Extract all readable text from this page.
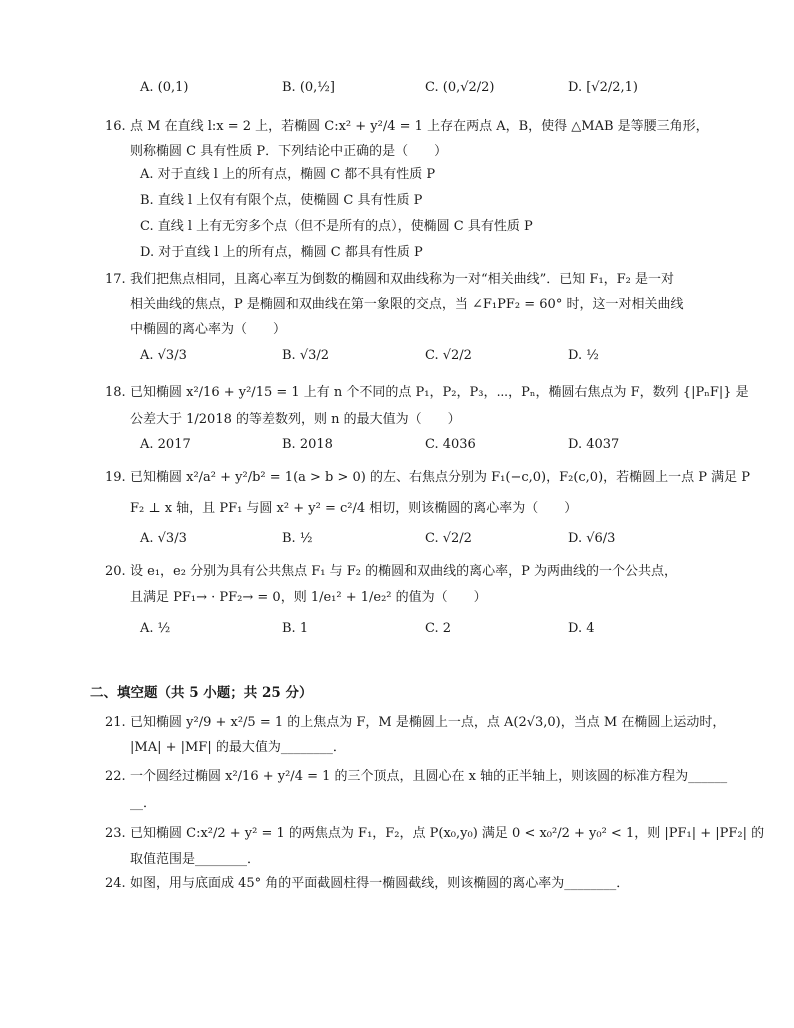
A. (0,1)	B. (0,½]	C. (0,√2/2)	D. [√2/2,1)
16. 点 M 在直线 l:x = 2 上，若椭圆 C:x² + y²/4 = 1 上存在两点 A，B，使得 △MAB 是等腰三角形，
则称椭圆 C 具有性质 P．下列结论中正确的是（　　）
A. 对于直线 l 上的所有点，椭圆 C 都不具有性质 P
B. 直线 l 上仅有有限个点，使椭圆 C 具有性质 P
C. 直线 l 上有无穷多个点（但不是所有的点），使椭圆 C 具有性质 P
D. 对于直线 l 上的所有点，椭圆 C 都具有性质 P
17. 我们把焦点相同，且离心率互为倒数的椭圆和双曲线称为一对“相关曲线”．已知 F₁，F₂ 是一对
相关曲线的焦点，P 是椭圆和双曲线在第一象限的交点，当 ∠F₁PF₂ = 60° 时，这一对相关曲线
中椭圆的离心率为（　　）
A. √3/3	B. √3/2	C. √2/2	D. ½
18. 已知椭圆 x²/16 + y²/15 = 1 上有 n 个不同的点 P₁，P₂，P₃，⋯，Pₙ，椭圆右焦点为 F，数列 {|PₙF|} 是
公差大于 1/2018 的等差数列，则 n 的最大值为（　　）
A. 2017	B. 2018	C. 4036	D. 4037
19. 已知椭圆 x²/a² + y²/b² = 1(a > b > 0) 的左、右焦点分别为 F₁(−c,0)，F₂(c,0)，若椭圆上一点 P 满足 P
F₂ ⊥ x 轴，且 PF₁ 与圆 x² + y² = c²/4 相切，则该椭圆的离心率为（　　）
A. √3/3	B. ½	C. √2/2	D. √6/3
20. 设 e₁，e₂ 分别为具有公共焦点 F₁ 与 F₂ 的椭圆和双曲线的离心率，P 为两曲线的一个公共点，
且满足 PF₁→ · PF₂→ = 0，则 1/e₁² + 1/e₂² 的值为（　　）
A. ½	B. 1	C. 2	D. 4
二、填空题（共 5 小题；共 25 分）
21. 已知椭圆 y²/9 + x²/5 = 1 的上焦点为 F，M 是椭圆上一点，点 A(2√3,0)，当点 M 在椭圆上运动时，
|MA| + |MF| 的最大值为________．
22. 一个圆经过椭圆 x²/16 + y²/4 = 1 的三个顶点，且圆心在 x 轴的正半轴上，则该圆的标准方程为______
__．
23. 已知椭圆 C:x²/2 + y² = 1 的两焦点为 F₁，F₂，点 P(x₀,y₀) 满足 0 < x₀²/2 + y₀² < 1，则 |PF₁| + |PF₂| 的
取值范围是________．
24. 如图，用与底面成 45° 角的平面截圆柱得一椭圆截线，则该椭圆的离心率为________．
